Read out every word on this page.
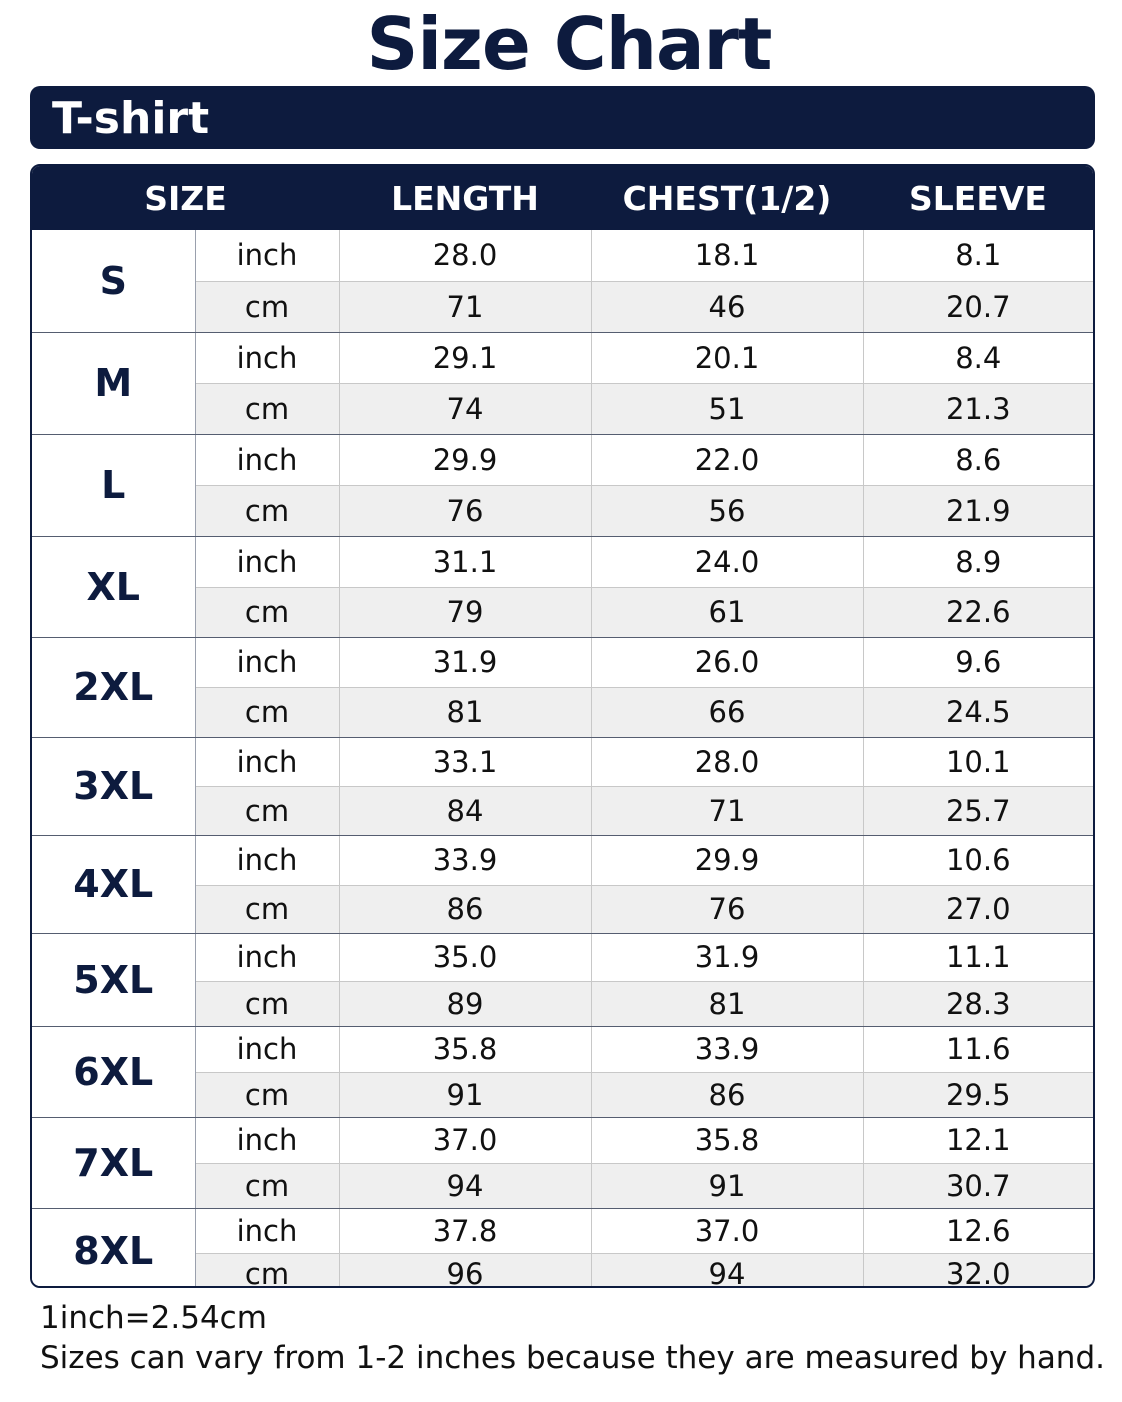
Size Chart
T-shirt
SIZE		LENGTH	CHEST(1/2)	SLEEVE
S	inch	28.0	18.1	8.1
	cm	71	46	20.7
M	inch	29.1	20.1	8.4
	cm	74	51	21.3
L	inch	29.9	22.0	8.6
	cm	76	56	21.9
XL	inch	31.1	24.0	8.9
	cm	79	61	22.6
2XL	inch	31.9	26.0	9.6
	cm	81	66	24.5
3XL	inch	33.1	28.0	10.1
	cm	84	71	25.7
4XL	inch	33.9	29.9	10.6
	cm	86	76	27.0
5XL	inch	35.0	31.9	11.1
	cm	89	81	28.3
6XL	inch	35.8	33.9	11.6
	cm	91	86	29.5
7XL	inch	37.0	35.8	12.1
	cm	94	91	30.7
8XL	inch	37.8	37.0	12.6
	cm	96	94	32.0
1inch=2.54cm
Sizes can vary from 1-2 inches because they are measured by hand.
